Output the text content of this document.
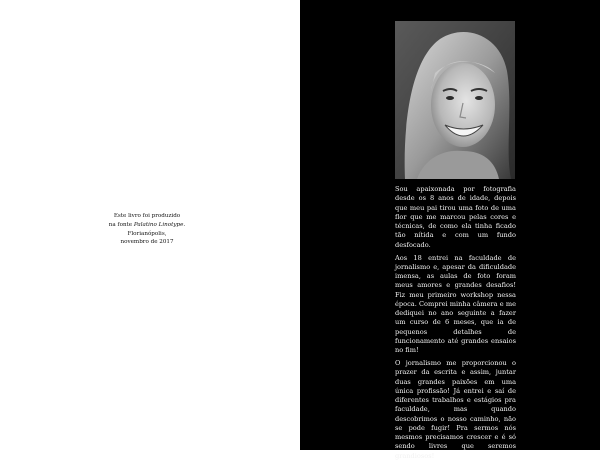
Este livro foi produzido
na fonte Palatino Linotype.
Florianópolis,
novembro de 2017

Sou apaixonada por fotografia desde os 8 anos de idade, depois que meu pai tirou uma foto de uma flor que me marcou pelas cores e técnicas, de como ela tinha ficado tão nítida e com um fundo desfocado.

Aos 18 entrei na faculdade de jornalismo e, apesar da dificuldade imensa, as aulas de foto foram meus amores e grandes desafios! Fiz meu primeiro workshop nessa época. Comprei minha câmera e me dediquei no ano seguinte a fazer um curso de 6 meses, que ia de pequenos detalhes de funcionamento até grandes ensaios no fim!

O jornalismo me proporcionou o prazer da escrita e assim, juntar duas grandes paixões em uma única profissão! Já entrei e saí de diferentes trabalhos e estágios pra faculdade, mas quando descobrimos o nosso caminho, não se pode fugir! Pra sermos nós mesmos precisamos crescer e é só sendo livres que seremos grandiosos!
